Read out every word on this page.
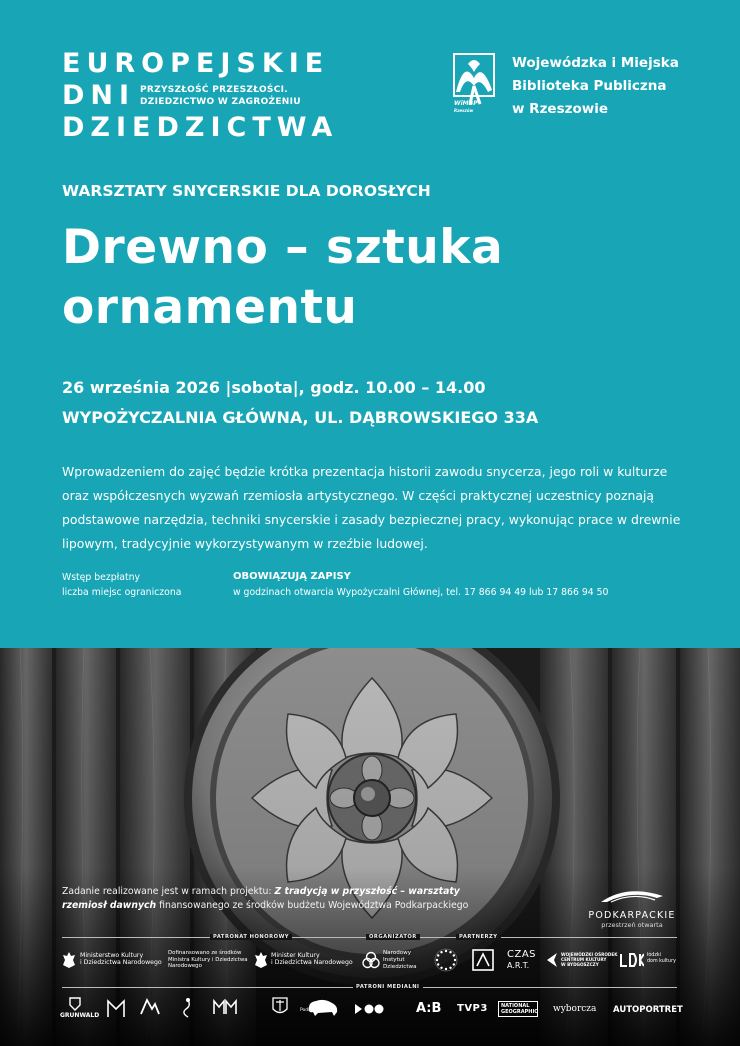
EUROPEJSKIE
DNI
DZIEDZICTWA
PRZYSZŁOŚĆ PRZESZŁOŚCI.
DZIEDZICTWO W ZAGROŻENIU	WiMBP Rzeszów
Wojewódzka i Miejska
Biblioteka Publiczna
w Rzeszowie
WARSZTATY SNYCERSKIE DLA DOROSŁYCH
Drewno – sztuka
ornamentu
26 września 2026 |sobota|, godz. 10.00 – 14.00
WYPOŻYCZALNIA GŁÓWNA, UL. DĄBROWSKIEGO 33A
Wprowadzeniem do zajęć będzie krótka prezentacja historii zawodu snycerza, jego roli w kulturze
oraz współczesnych wyzwań rzemiosła artystycznego. W części praktycznej uczestnicy poznają
podstawowe narzędzia, techniki snycerskie i zasady bezpiecznej pracy, wykonując prace w drewnie
lipowym, tradycyjnie wykorzystywanym w rzeźbie ludowej.
Wstęp bezpłatny
liczba miejsc ograniczona
OBOWIĄZUJĄ ZAPISY
w godzinach otwarcia Wypożyczalni Głównej, tel. 17 866 94 49 lub 17 866 94 50
Zadanie realizowane jest w ramach projektu: Z tradycją w przyszłość – warsztaty
rzemiosł dawnych finansowanego ze środków budżetu Województwa Podkarpackiego
PODKARPACKIE
przestrzeń otwarta
PATRONAT HONOROWY	ORGANIZATOR	PARTNERZY
Ministerstwo Kultury
i Dziedzictwa Narodowego
Dofinansowano ze środków
Ministra Kultury i Dziedzictwa
Narodowego
Minister Kultury
i Dziedzictwa Narodowego
Narodowy
Instytut
Dziedzictwa
CZAS
A.R.T.
WOJEWÓDZKI OŚRODEK
CENTRUM KULTURY
W BYDGOSZCZY
łódzki
dom kultury
PATRONI MEDIALNI
GRUNWALD
Podlasie24	A:B TVP3	NATIONAL
GEOGRAPHIC wyborcza AUTOPORTRET
